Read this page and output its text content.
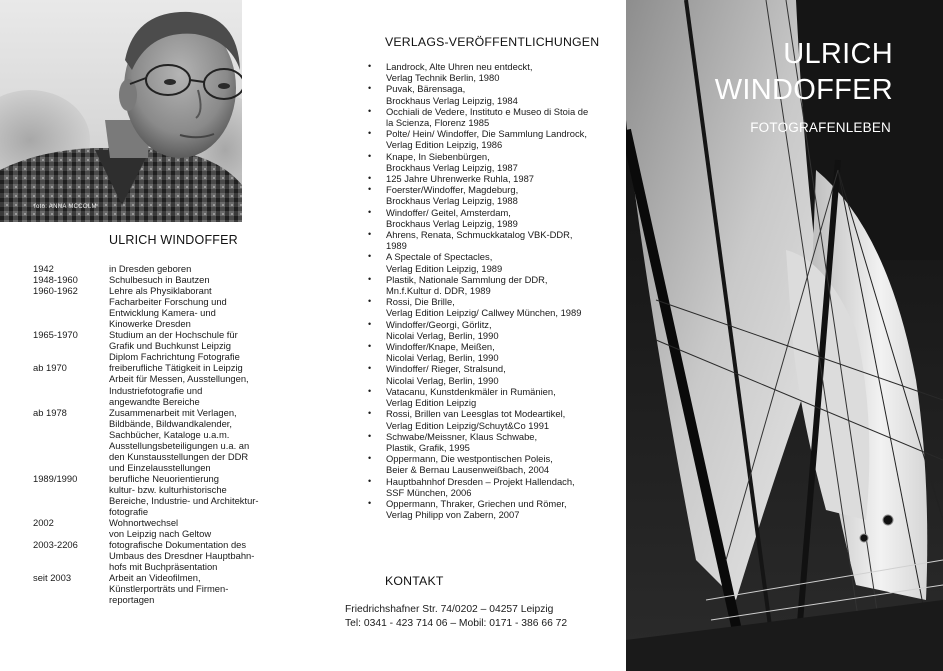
foto: ANNA MCCOLM
ULRICH WINDOFFER
1942	in Dresden geboren
1948-1960	Schulbesuch in Bautzen
1960-1962	Lehre als Physiklaborant
Facharbeiter Forschung und
Entwicklung Kamera- und
Kinowerke Dresden
1965-1970	Studium an der Hochschule für
Grafik und Buchkunst Leipzig
Diplom Fachrichtung Fotografie
ab 1970	freiberufliche Tätigkeit in Leipzig
Arbeit für Messen, Ausstellungen,
Industriefotografie und
angewandte Bereiche
ab 1978	Zusammenarbeit mit Verlagen,
Bildbände, Bildwandkalender,
Sachbücher, Kataloge u.a.m.
Ausstellungsbeteiligungen u.a. an
den Kunstausstellungen der DDR
und Einzelausstellungen
1989/1990	berufliche Neuorientierung
kultur- bzw. kulturhistorische
Bereiche, Industrie- und Architektur-
fotografie
2002	Wohnortwechsel
von Leipzig nach Geltow
2003-2206	fotografische Dokumentation des
Umbaus des Dresdner Hauptbahn-
hofs mit Buchpräsentation
seit 2003	Arbeit an Videofilmen,
Künstlerporträts und Firmen-
reportagen
VERLAGS-VERÖFFENTLICHUNGEN
• Landrock, Alte Uhren neu entdeckt,
Verlag Technik Berlin, 1980
• Puvak, Bärensaga,
Brockhaus Verlag Leipzig, 1984
• Occhiali de Vedere, Instituto e Museo di Stoia de
la Scienza, Florenz 1985
• Polte/ Hein/ Windoffer, Die Sammlung Landrock,
Verlag Edition Leipzig, 1986
• Knape, In Siebenbürgen,
Brockhaus Verlag Leipzig, 1987
• 125 Jahre Uhrenwerke Ruhla, 1987
• Foerster/Windoffer, Magdeburg,
Brockhaus Verlag Leipzig, 1988
• Windoffer/ Geitel, Amsterdam,
Brockhaus Verlag Leipzig, 1989
• Ahrens, Renata, Schmuckkatalog VBK-DDR,
1989
• A Spectale of Spectacles,
Verlag Edition Leipzig, 1989
• Plastik, Nationale Sammlung der DDR,
Mn.f.Kultur d. DDR, 1989
• Rossi, Die Brille,
Verlag Edition Leipzig/ Callwey München, 1989
• Windoffer/Georgi, Görlitz,
Nicolai Verlag, Berlin, 1990
• Windoffer/Knape, Meißen,
Nicolai Verlag, Berlin, 1990
• Windoffer/ Rieger, Stralsund,
Nicolai Verlag, Berlin, 1990
• Vatacanu, Kunstdenkmäler in Rumänien,
Verlag Edition Leipzig
• Rossi, Brillen van Leesglas tot Modeartikel,
Verlag Edition Leipzig/Schuyt&Co 1991
• Schwabe/Meissner, Klaus Schwabe,
Plastik, Grafik, 1995
• Oppermann, Die westpontischen Poleis,
Beier & Bernau Lausenweißbach, 2004
• Hauptbahnhof Dresden – Projekt Hallendach,
SSF München, 2006
• Oppermann, Thraker, Griechen und Römer,
Verlag Philipp von Zabern, 2007
KONTAKT
Friedrichshafner Str. 74/0202 – 04257 Leipzig
Tel: 0341 - 423 714 06 – Mobil: 0171 - 386 66 72
ULRICH
WINDOFFER
FOTOGRAFENLEBEN
